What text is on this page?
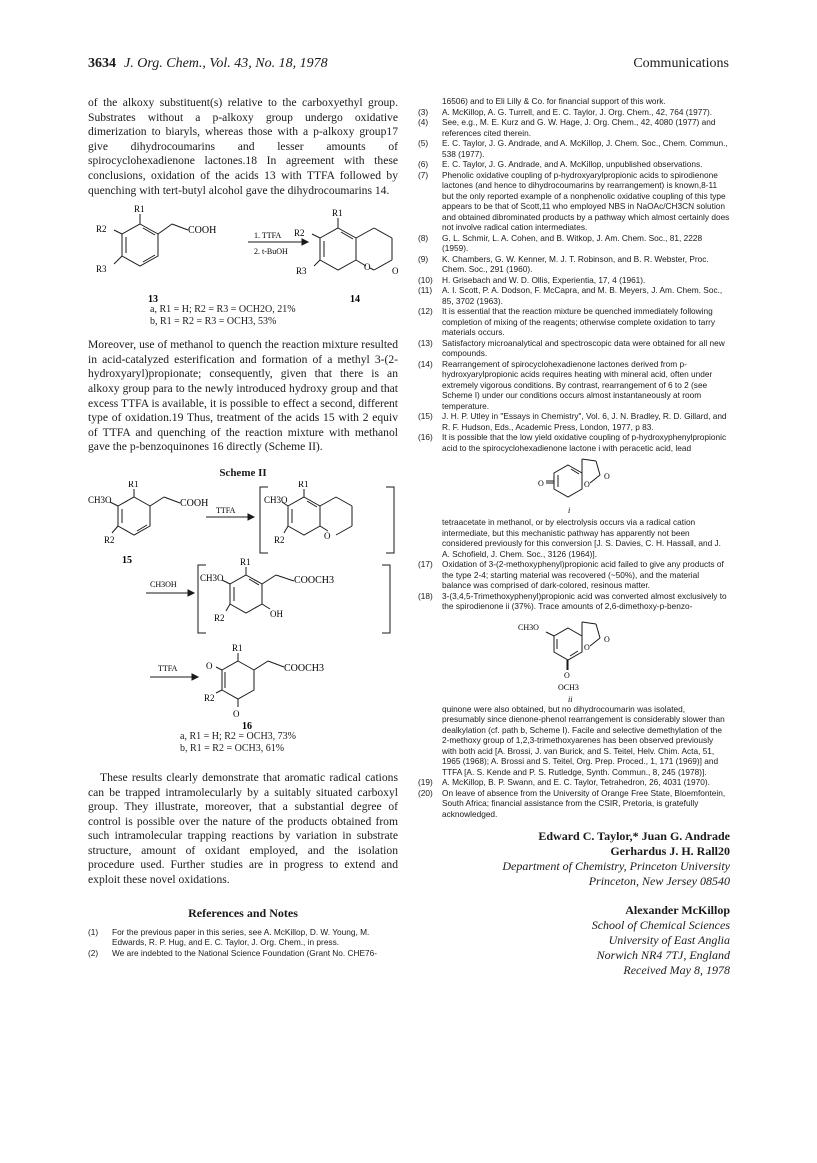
3634 J. Org. Chem., Vol. 43, No. 18, 1978	Communications

of the alkoxy substituent(s) relative to the carboxyethyl group. Substrates without a p-alkoxy group undergo oxidative dimerization to biaryls, whereas those with a p-alkoxy group17 give dihydrocoumarins and lesser amounts of spirocyclohexadienone lactones.18 In agreement with these conclusions, oxidation of the acids 13 with TTFA followed by quenching with tert-butyl alcohol gave the dihydrocoumarins 14.

R1
R2
R3
COOH	1. TTFA
2. t-BuOH
R1
R2
R3	O O
13	14

a, R1 = H; R2 = R3 = OCH2O, 21%

b, R1 = R2 = R3 = OCH3, 53%

Moreover, use of methanol to quench the reaction mixture resulted in acid-catalyzed esterification and formation of a methyl 3-(2-hydroxyaryl)propionate; consequently, given that there is an alkoxy group para to the newly introduced hydroxy group and that excess TTFA is available, it is possible to effect a second, different type of oxidation.19 Thus, treatment of the acids 15 with 2 equiv of TTFA and quenching of the reaction mixture with methanol gave the p-benzoquinones 16 directly (Scheme II).

Scheme II

R1
CH3O
R2
COOH
TTFA
15
R1
CH3O
R2	O
CH3OH
R1
CH3O	COOCH3
R2	OH
TTFA
R1
O	COOCH3
R2
O
16

a, R1 = H; R2 = OCH3, 73%

b, R1 = R2 = OCH3, 61%

These results clearly demonstrate that aromatic radical cations can be trapped intramolecularly by a suitably situated carboxyl group. They illustrate, moreover, that a substantial degree of control is possible over the nature of the products obtained from such intramolecular trapping reactions by variation in substrate structure, amount of oxidant employed, and the isolation procedure used. Further studies are in progress to extend and exploit these novel oxidations.

References and Notes

(1) For the previous paper in this series, see A. McKillop, D. W. Young, M. Edwards, R. P. Hug, and E. C. Taylor, J. Org. Chem., in press.

(2) We are indebted to the National Science Foundation (Grant No. CHE76-

16506) and to Eli Lilly & Co. for financial support of this work.

(3) A. McKillop, A. G. Turrell, and E. C. Taylor, J. Org. Chem., 42, 764 (1977).

(4) See, e.g., M. E. Kurz and G. W. Hage, J. Org. Chem., 42, 4080 (1977) and references cited therein.

(5) E. C. Taylor, J. G. Andrade, and A. McKillop, J. Chem. Soc., Chem. Commun., 538 (1977).

(6) E. C. Taylor, J. G. Andrade, and A. McKillop, unpublished observations.

(7) Phenolic oxidative coupling of p-hydroxyarylpropionic acids to spirodienone lactones (and hence to dihydrocoumarins by rearrangement) is known,8-11 but the only reported example of a nonphenolic oxidative coupling of this type appears to be that of Scott,11 who employed NBS in NaOAc/CH3CN solution and obtained dibrominated products by a pathway which almost certainly does not involve radical cation intermediates.

(8) G. L. Schmir, L. A. Cohen, and B. Witkop, J. Am. Chem. Soc., 81, 2228 (1959).

(9) K. Chambers, G. W. Kenner, M. J. T. Robinson, and B. R. Webster, Proc. Chem. Soc., 291 (1960).

(10) H. Grisebach and W. D. Ollis, Experientia, 17, 4 (1961).

(11) A. I. Scott, P. A. Dodson, F. McCapra, and M. B. Meyers, J. Am. Chem. Soc., 85, 3702 (1963).

(12) It is essential that the reaction mixture be quenched immediately following completion of mixing of the reagents; otherwise complete oxidation to tarry materials occurs.

(13) Satisfactory microanalytical and spectroscopic data were obtained for all new compounds.

(14) Rearrangement of spirocyclohexadienone lactones derived from p-hydroxyarylpropionic acids requires heating with mineral acid, often under extremely vigorous conditions. By contrast, rearrangement of 6 to 2 (see Scheme I) under our conditions occurs almost instantaneously at room temperature.

(15) J. H. P. Utley in "Essays in Chemistry", Vol. 6, J. N. Bradley, R. D. Gillard, and R. F. Hudson, Eds., Academic Press, London, 1977, p 83.

(16) It is possible that the low yield oxidative coupling of p-hydroxyphenylpropionic acid to the spirocyclohexadienone lactone i with peracetic acid, lead

O	O
O
i

tetraacetate in methanol, or by electrolysis occurs via a radical cation intermediate, but this mechanistic pathway has apparently not been considered previously for this conversion [J. S. Davies, C. H. Hassall, and J. A. Schofield, J. Chem. Soc., 3126 (1964)].

(17) Oxidation of 3-(2-methoxyphenyl)propionic acid failed to give any products of the type 2-4; starting material was recovered (~50%), and the material balance was comprised of dark-colored, resinous matter.

(18) 3-(3,4,5-Trimethoxyphenyl)propionic acid was converted almost exclusively to the spirodienone ii (37%). Trace amounts of 2,6-dimethoxy-p-benzo-

CH3O
O
O
O
OCH3
ii

quinone were also obtained, but no dihydrocoumarin was isolated, presumably since dienone-phenol rearrangement is considerably slower than dealkylation (cf. path b, Scheme I). Facile and selective demethylation of the 2-methoxy group of 1,2,3-trimethoxyarenes has been observed previously with both acid [A. Brossi, J. van Burick, and S. Teitel, Helv. Chim. Acta, 51, 1965 (1968); A. Brossi and S. Teitel, Org. Prep. Proced., 1, 171 (1969)] and TTFA [A. S. Kende and P. S. Rutledge, Synth. Commun., 8, 245 (1978)].

(19) A. McKillop, B. P. Swann, and E. C. Taylor, Tetrahedron, 26, 4031 (1970).

(20) On leave of absence from the University of Orange Free State, Bloemfontein, South Africa; financial assistance from the CSIR, Pretoria, is gratefully acknowledged.

Edward C. Taylor,* Juan G. Andrade

Gerhardus J. H. Rall20

Department of Chemistry, Princeton University

Princeton, New Jersey 08540

Alexander McKillop

School of Chemical Sciences

University of East Anglia

Norwich NR4 7TJ, England

Received May 8, 1978
